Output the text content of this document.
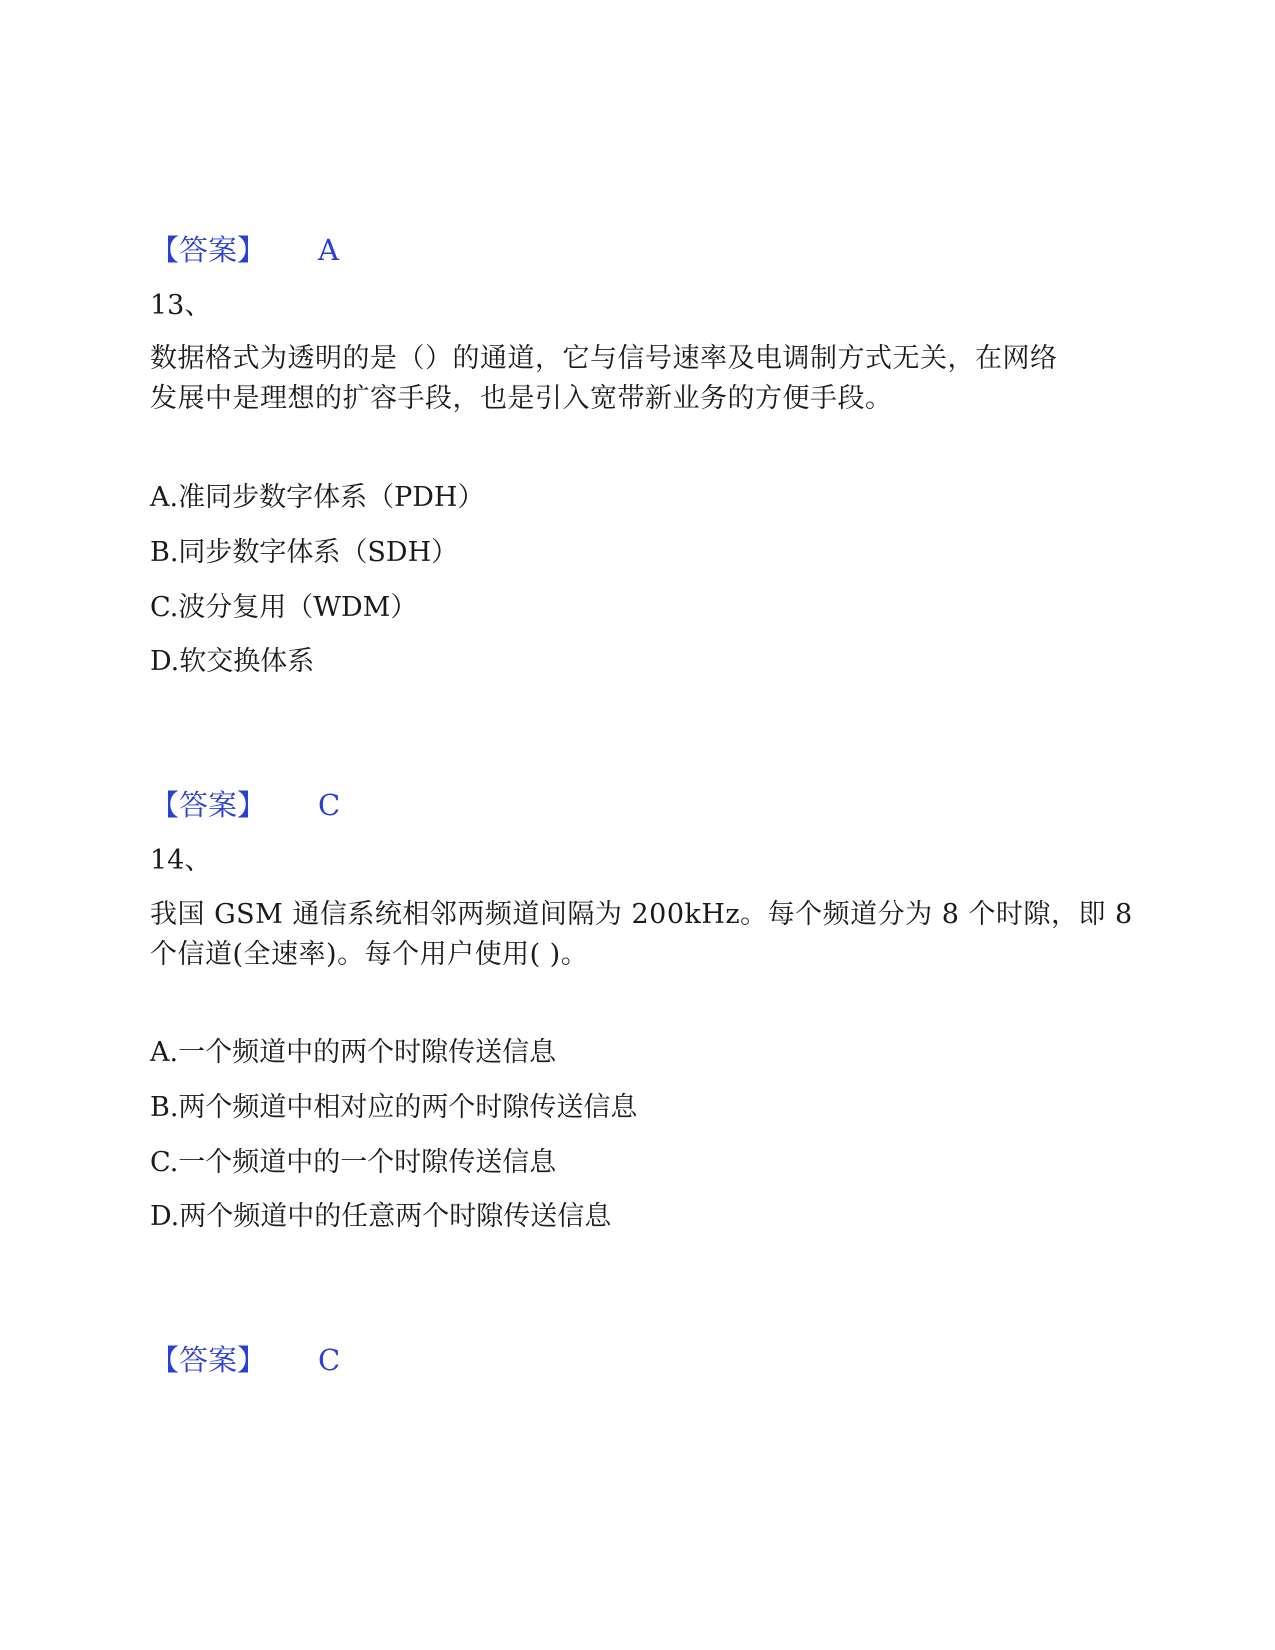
【答案】 A
13、
数据格式为透明的是（）的通道，它与信号速率及电调制方式无关，在网络
发展中是理想的扩容手段，也是引入宽带新业务的方便手段。
A.准同步数字体系（PDH）
B.同步数字体系（SDH）
C.波分复用（WDM）
D.软交换体系
【答案】 C
14、
我国 GSM 通信系统相邻两频道间隔为 200kHz。每个频道分为 8 个时隙，即 8
个信道(全速率)。每个用户使用( )。
A.一个频道中的两个时隙传送信息
B.两个频道中相对应的两个时隙传送信息
C.一个频道中的一个时隙传送信息
D.两个频道中的任意两个时隙传送信息
【答案】 C
